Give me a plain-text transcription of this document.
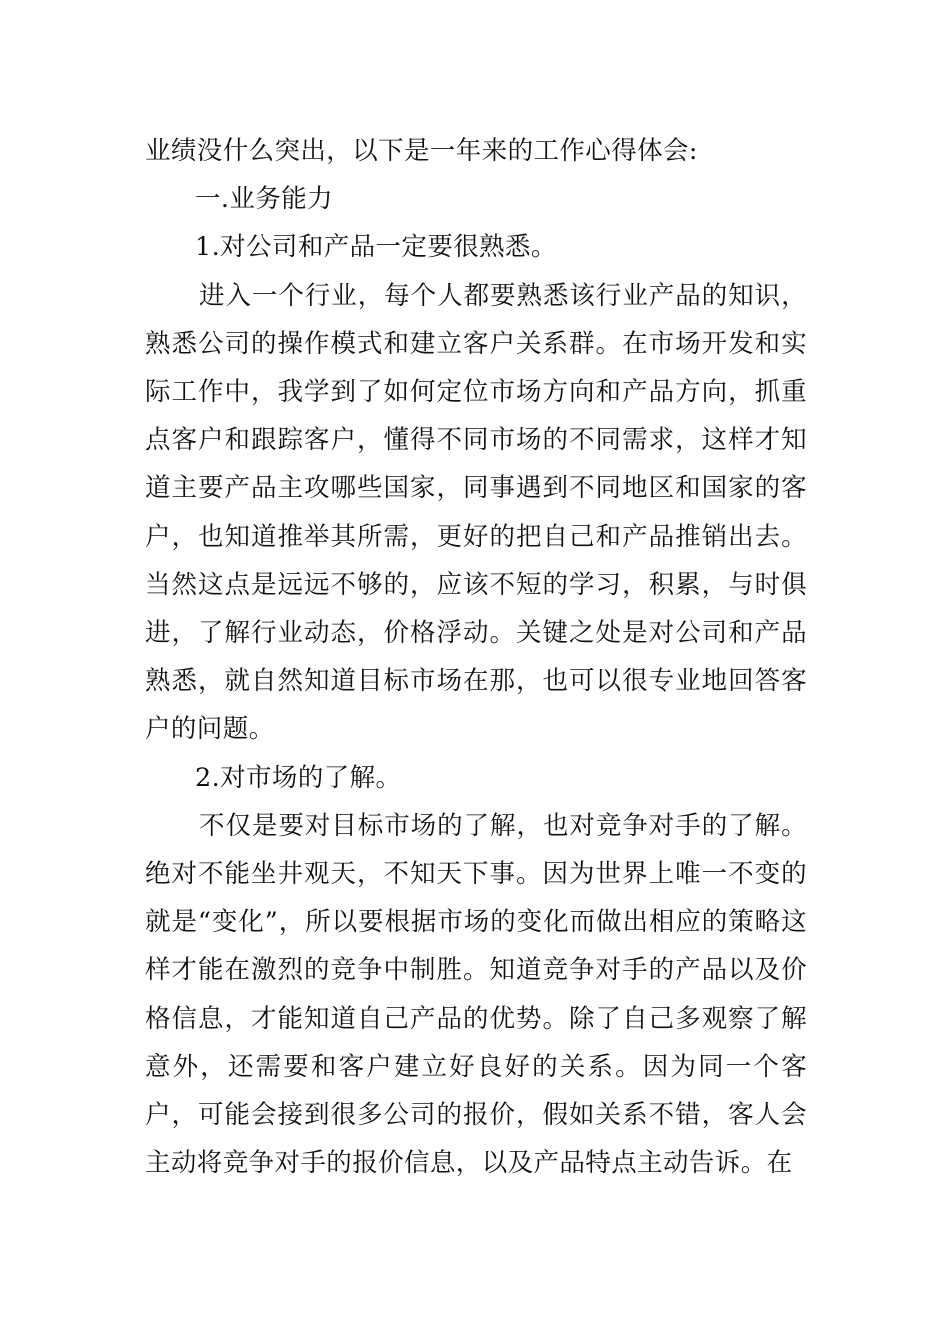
业绩没什么突出，以下是一年来的工作心得体会:

一.业务能力

1.对公司和产品一定要很熟悉。

进入一个行业，每个人都要熟悉该行业产品的知识，熟悉公司的操作模式和建立客户关系群。在市场开发和实际工作中，我学到了如何定位市场方向和产品方向，抓重点客户和跟踪客户，懂得不同市场的不同需求，这样才知道主要产品主攻哪些国家，同事遇到不同地区和国家的客户，也知道推举其所需，更好的把自己和产品推销出去。当然这点是远远不够的，应该不短的学习，积累，与时俱进，了解行业动态，价格浮动。关键之处是对公司和产品熟悉，就自然知道目标市场在那，也可以很专业地回答客户的问题。

2.对市场的了解。

不仅是要对目标市场的了解，也对竞争对手的了解。绝对不能坐井观天，不知天下事。因为世界上唯一不变的就是“变化”，所以要根据市场的变化而做出相应的策略这样才能在激烈的竞争中制胜。知道竞争对手的产品以及价格信息，才能知道自己产品的优势。除了自己多观察了解意外，还需要和客户建立好良好的关系。因为同一个客户，可能会接到很多公司的报价，假如关系不错，客人会主动将竞争对手的报价信息，以及产品特点主动告诉。在
